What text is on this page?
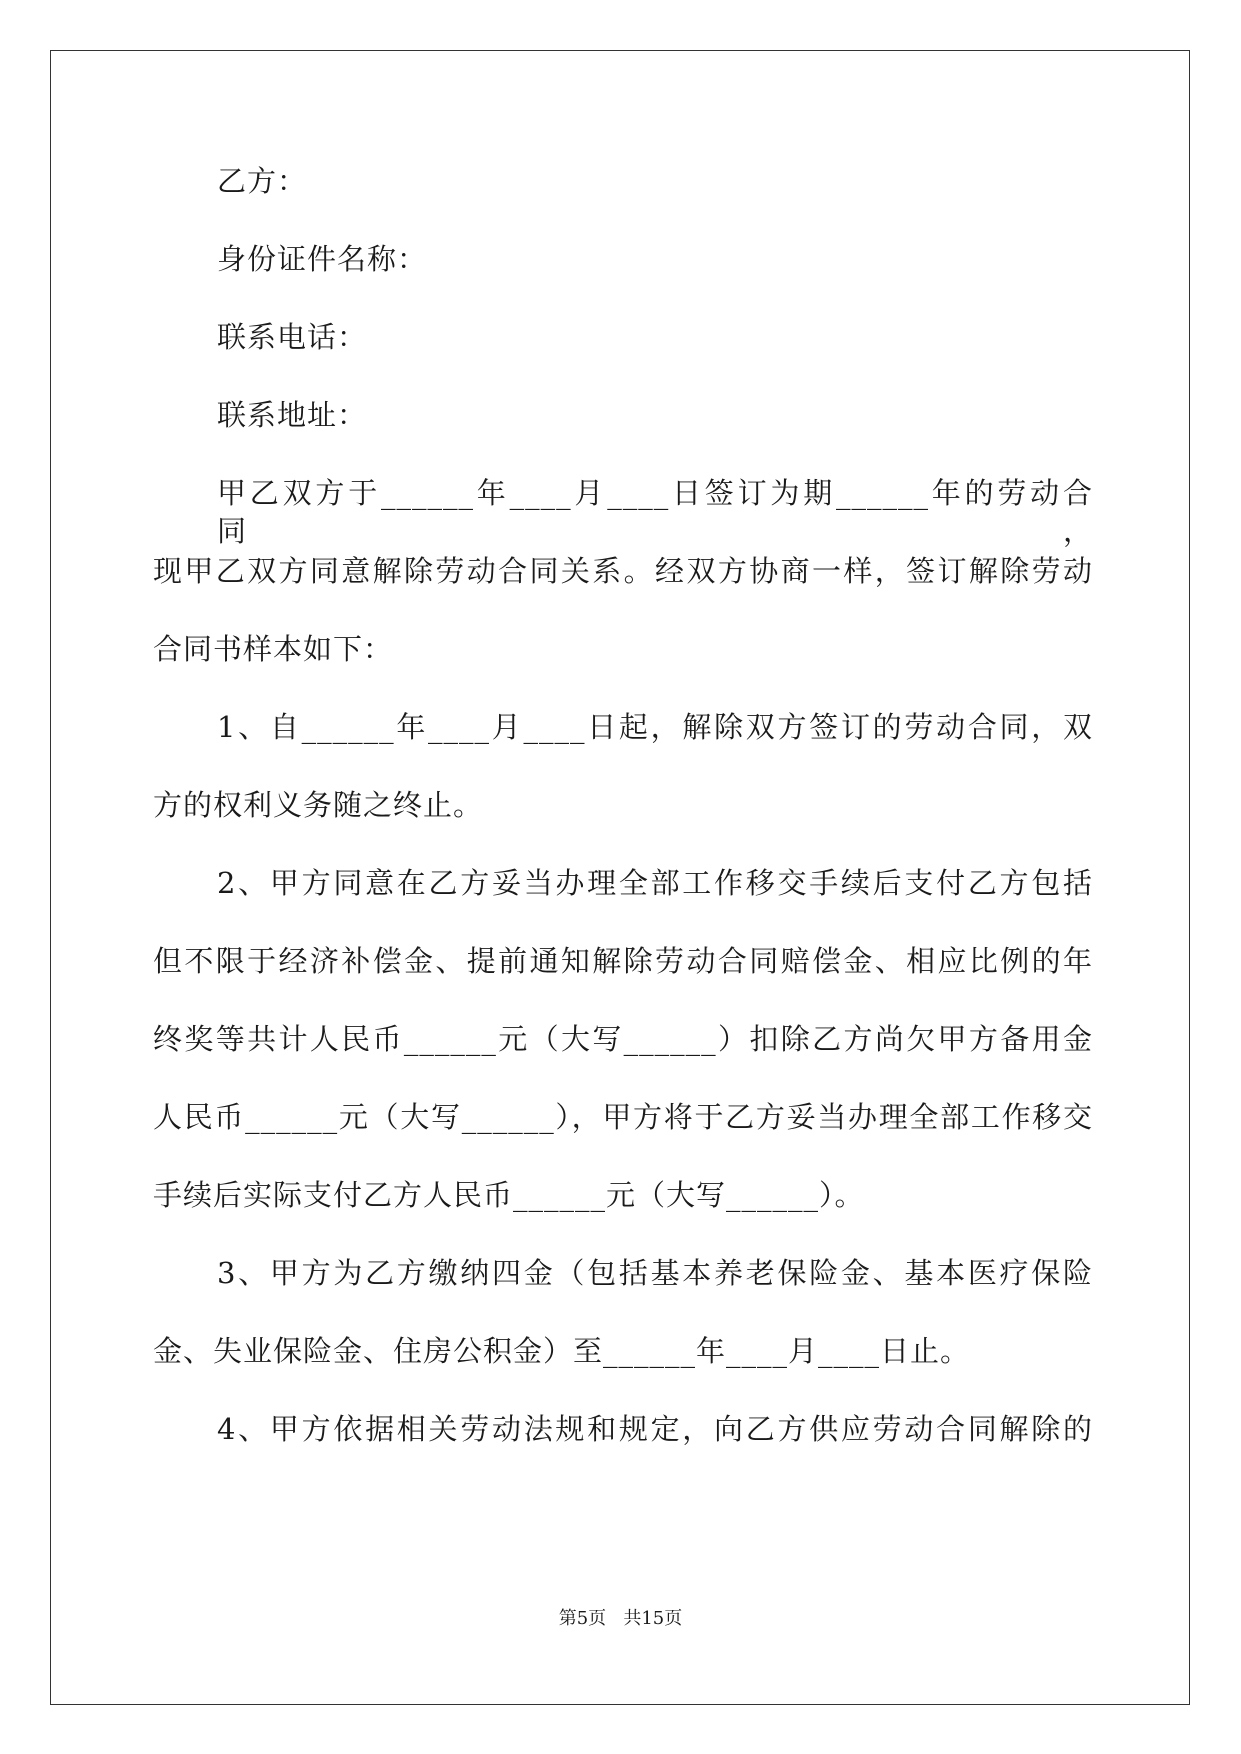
乙方：
身份证件名称：
联系电话：
联系地址：
甲乙双方于______年____月____日签订为期______年的劳动合同，
现甲乙双方同意解除劳动合同关系。经双方协商一样，签订解除劳动
合同书样本如下：
1、自______年____月____日起，解除双方签订的劳动合同，双
方的权利义务随之终止。
2、甲方同意在乙方妥当办理全部工作移交手续后支付乙方包括
但不限于经济补偿金、提前通知解除劳动合同赔偿金、相应比例的年
终奖等共计人民币______元（大写______）扣除乙方尚欠甲方备用金
人民币______元（大写______），甲方将于乙方妥当办理全部工作移交
手续后实际支付乙方人民币______元（大写______）。
3、甲方为乙方缴纳四金（包括基本养老保险金、基本医疗保险
金、失业保险金、住房公积金）至______年____月____日止。
4、甲方依据相关劳动法规和规定，向乙方供应劳动合同解除的
第5页   共15页
